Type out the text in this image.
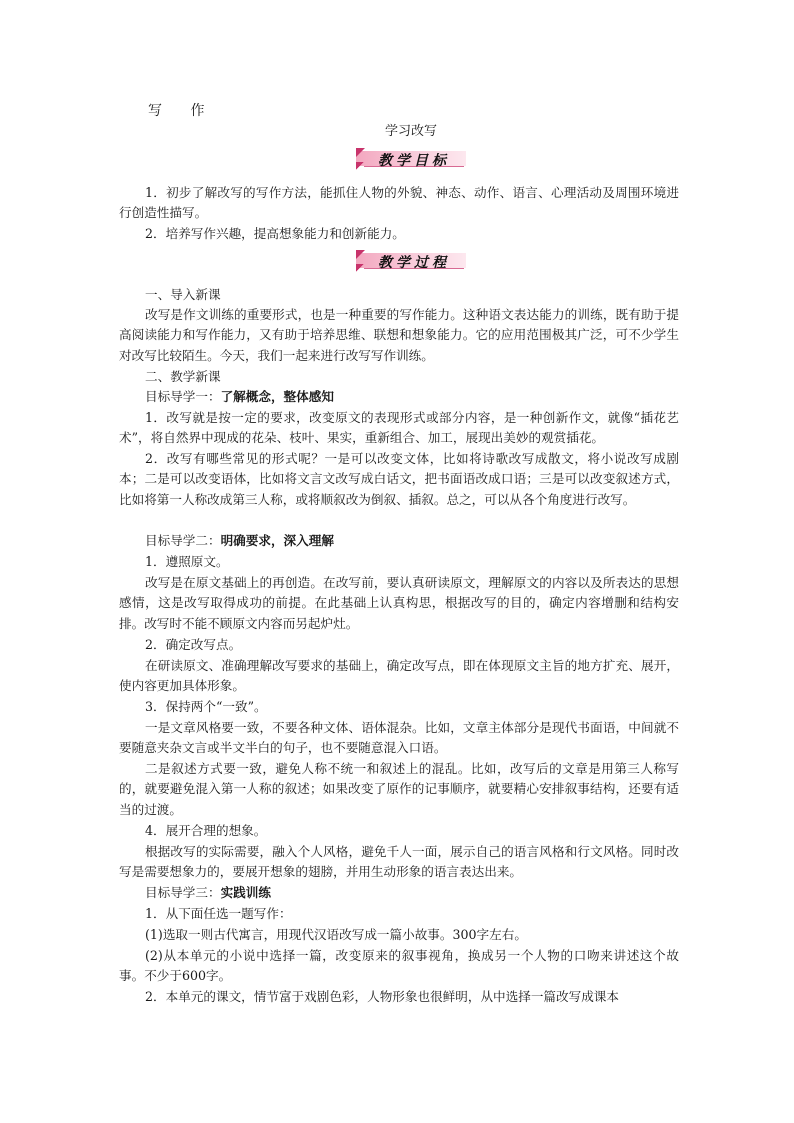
写 作
学习改写
教学目标
1．初步了解改写的写作方法，能抓住人物的外貌、神态、动作、语言、心理活动及周围环境进行创造性描写。
2．培养写作兴趣，提高想象能力和创新能力。
教学过程
一、导入新课
改写是作文训练的重要形式，也是一种重要的写作能力。这种语文表达能力的训练，既有助于提高阅读能力和写作能力，又有助于培养思维、联想和想象能力。它的应用范围极其广泛，可不少学生对改写比较陌生。今天，我们一起来进行改写写作训练。
二、教学新课
目标导学一：了解概念，整体感知
1．改写就是按一定的要求，改变原文的表现形式或部分内容，是一种创新作文，就像“插花艺术”，将自然界中现成的花朵、枝叶、果实，重新组合、加工，展现出美妙的观赏插花。
2．改写有哪些常见的形式呢？一是可以改变文体，比如将诗歌改写成散文，将小说改写成剧本；二是可以改变语体，比如将文言文改写成白话文，把书面语改成口语；三是可以改变叙述方式，比如将第一人称改成第三人称，或将顺叙改为倒叙、插叙。总之，可以从各个角度进行改写。
目标导学二：明确要求，深入理解
1．遵照原文。
改写是在原文基础上的再创造。在改写前，要认真研读原文，理解原文的内容以及所表达的思想感情，这是改写取得成功的前提。在此基础上认真构思，根据改写的目的，确定内容增删和结构安排。改写时不能不顾原文内容而另起炉灶。
2．确定改写点。
在研读原文、准确理解改写要求的基础上，确定改写点，即在体现原文主旨的地方扩充、展开，使内容更加具体形象。
3．保持两个“一致”。
一是文章风格要一致，不要各种文体、语体混杂。比如，文章主体部分是现代书面语，中间就不要随意夹杂文言或半文半白的句子，也不要随意混入口语。
二是叙述方式要一致，避免人称不统一和叙述上的混乱。比如，改写后的文章是用第三人称写的，就要避免混入第一人称的叙述；如果改变了原作的记事顺序，就要精心安排叙事结构，还要有适当的过渡。
4．展开合理的想象。
根据改写的实际需要，融入个人风格，避免千人一面，展示自己的语言风格和行文风格。同时改写是需要想象力的，要展开想象的翅膀，并用生动形象的语言表达出来。
目标导学三：实践训练
1．从下面任选一题写作：
(1)选取一则古代寓言，用现代汉语改写成一篇小故事。300字左右。
(2)从本单元的小说中选择一篇，改变原来的叙事视角，换成另一个人物的口吻来讲述这个故事。不少于600字。
2．本单元的课文，情节富于戏剧色彩，人物形象也很鲜明，从中选择一篇改写成课本
